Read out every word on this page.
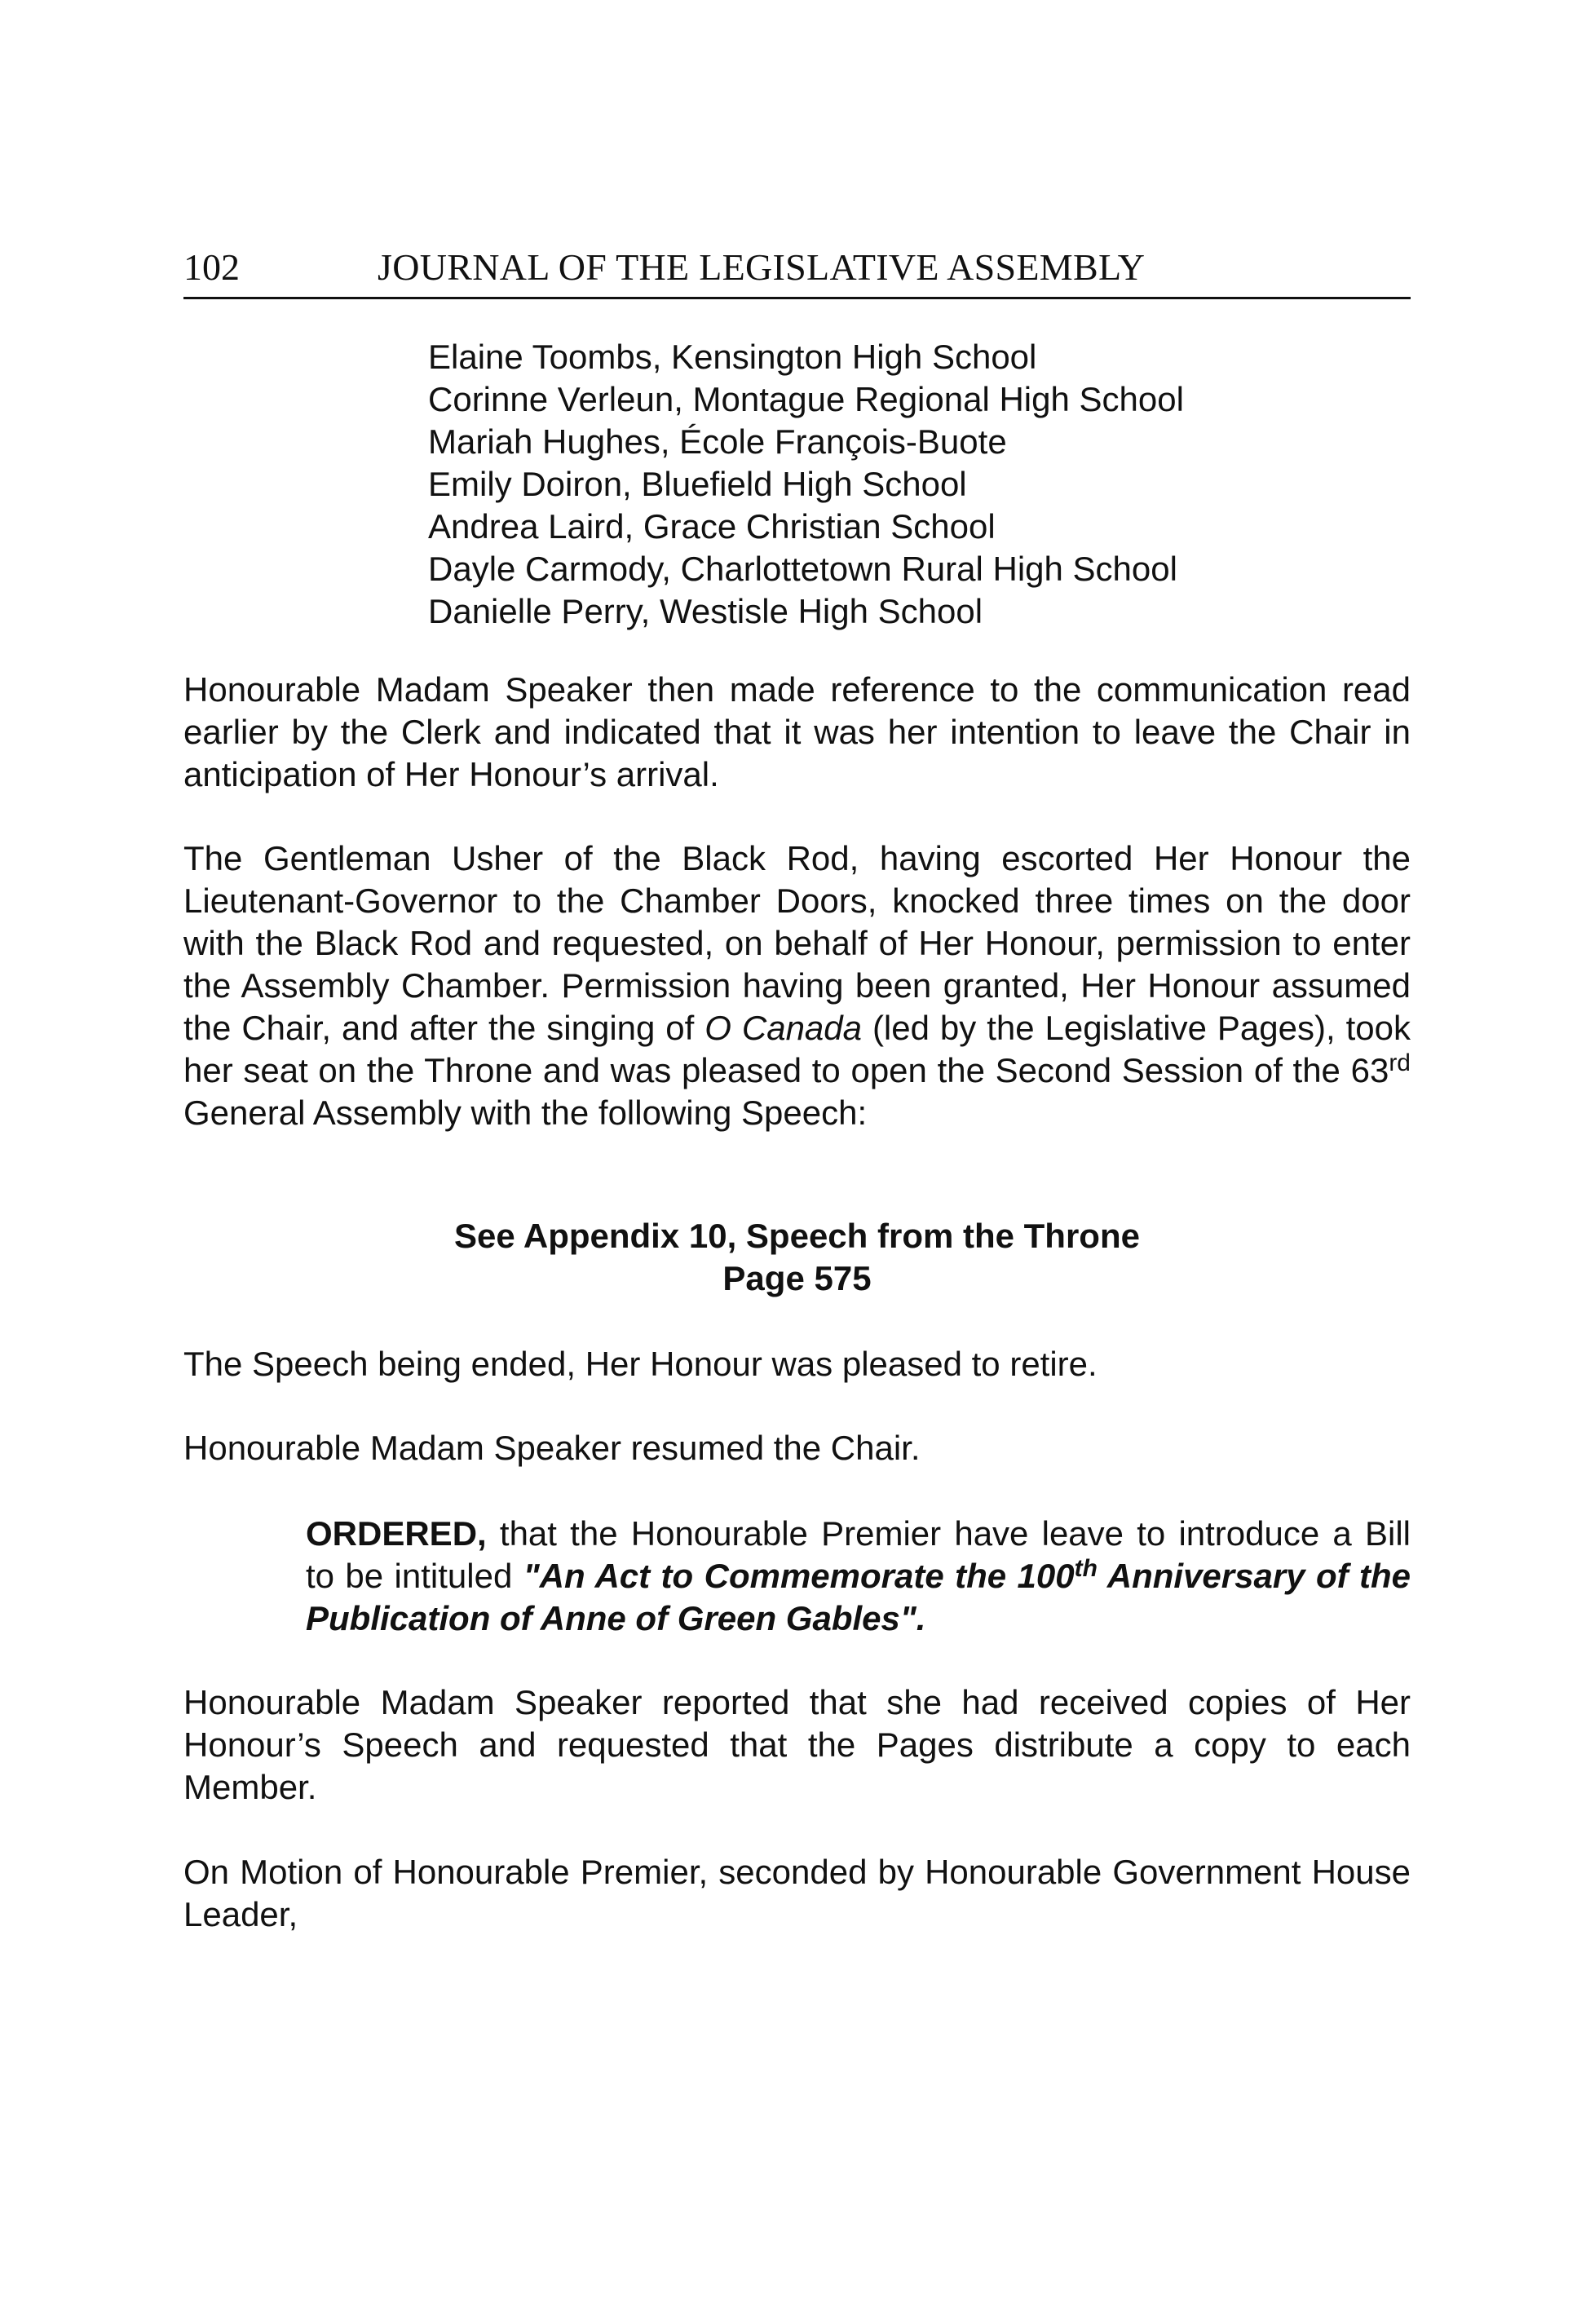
102	JOURNAL OF THE LEGISLATIVE ASSEMBLY
Elaine Toombs, Kensington High School
Corinne Verleun, Montague Regional High School
Mariah Hughes, École François-Buote
Emily Doiron, Bluefield High School
Andrea Laird, Grace Christian School
Dayle Carmody, Charlottetown Rural High School
Danielle Perry, Westisle High School

Honourable Madam Speaker then made reference to the communication read earlier by the Clerk and indicated that it was her intention to leave the Chair in anticipation of Her Honour’s arrival.

The Gentleman Usher of the Black Rod, having escorted Her Honour the Lieutenant-Governor to the Chamber Doors, knocked three times on the door with the Black Rod and requested, on behalf of Her Honour, permission to enter the Assembly Chamber. Permission having been granted, Her Honour assumed the Chair, and after the singing of O Canada (led by the Legislative Pages), took her seat on the Throne and was pleased to open the Second Session of the 63rd General Assembly with the following Speech:

See Appendix 10, Speech from the Throne
Page 575

The Speech being ended, Her Honour was pleased to retire.

Honourable Madam Speaker resumed the Chair.

ORDERED, that the Honourable Premier have leave to introduce a Bill to be intituled "An Act to Commemorate the 100th Anniversary of the Publication of Anne of Green Gables".

Honourable Madam Speaker reported that she had received copies of Her Honour’s Speech and requested that the Pages distribute a copy to each Member.

On Motion of Honourable Premier, seconded by Honourable Government House Leader,
